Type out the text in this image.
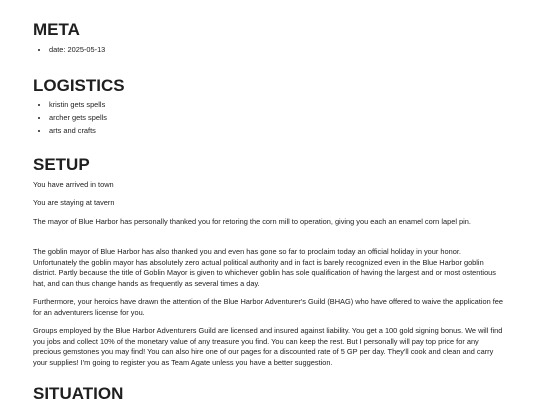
META
• date: 2025-05-13
LOGISTICS
• kristin gets spells
• archer gets spells
• arts and crafts
SETUP

You have arrived in town

You are staying at tavern

The mayor of Blue Harbor has personally thanked you for retoring the corn mill to operation, giving you each an enamel corn lapel pin.

The goblin mayor of Blue Harbor has also thanked you and even has gone so far to proclaim today an official holiday in your honor. Unfortunately the goblin mayor has absolutely zero actual political authority and in fact is barely recognized even in the Blue Harbor goblin district. Partly because the title of Goblin Mayor is given to whichever goblin has sole qualification of having the largest and or most ostentious hat, and can thus change hands as frequently as several times a day.

Furthermore, your heroics have drawn the attention of the Blue Harbor Adventurer's Guild (BHAG) who have offered to waive the application fee for an adventurers license for you.

Groups employed by the Blue Harbor Adventurers Guild are licensed and insured against liability. You get a 100 gold signing bonus. We will find you jobs and collect 10% of the monetary value of any treasure you find. You can keep the rest. But I personally will pay top price for any precious gemstones you may find! You can also hire one of our pages for a discounted rate of 5 GP per day. They'll cook and clean and carry your supplies! I'm going to register you as Team Agate unless you have a better suggestion.

SITUATION
